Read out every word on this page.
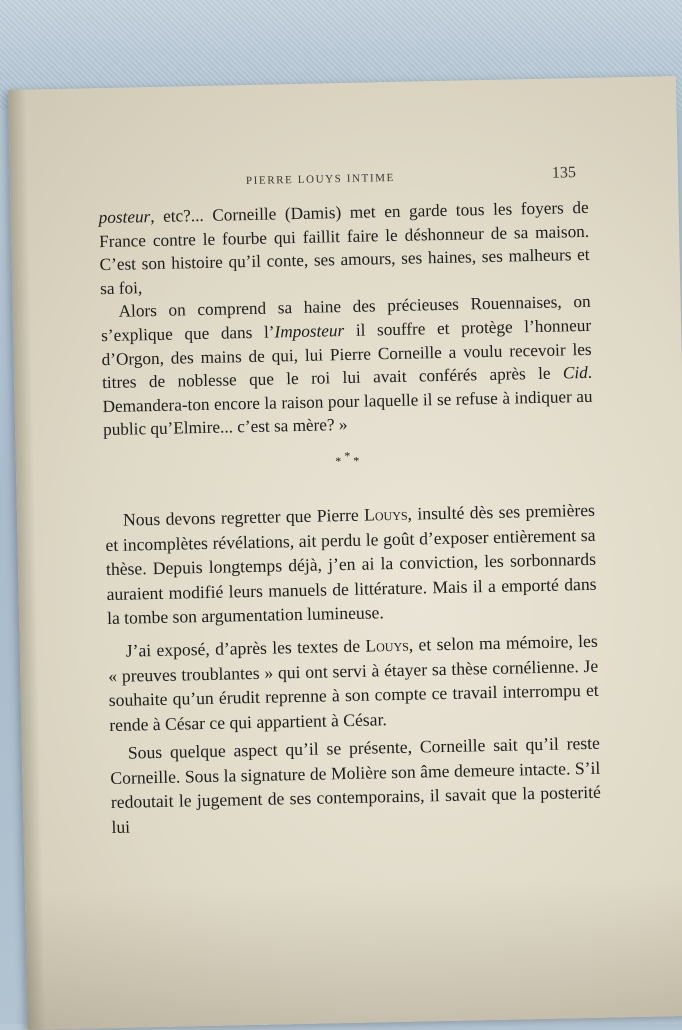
PIERRE LOUYS INTIME	135

posteur, etc?... Corneille (Damis) met en garde tous les foyers de France contre le fourbe qui faillit faire le déshonneur de sa maison. C’est son histoire qu’il conte, ses amours, ses haines, ses malheurs et sa foi,

Alors on comprend sa haine des précieuses Rouennaises, on s’explique que dans l’Imposteur il souffre et protège l’honneur d’Orgon, des mains de qui, lui Pierre Corneille a voulu recevoir les titres de noblesse que le roi lui avait conférés après le Cid. Demandera-ton encore la raison pour laquelle il se refuse à indiquer au public qu’Elmire... c’est sa mère? »

***

Nous devons regretter que Pierre Louys, insulté dès ses premières et incomplètes révélations, ait perdu le goût d’exposer entièrement sa thèse. Depuis longtemps déjà, j’en ai la conviction, les sorbonnards auraient modifié leurs manuels de littérature. Mais il a emporté dans la tombe son argumentation lumineuse.

J’ai exposé, d’après les textes de Louys, et selon ma mémoire, les « preuves troublantes » qui ont servi à étayer sa thèse cornélienne. Je souhaite qu’un érudit reprenne à son compte ce travail interrompu et rende à César ce qui appartient à César.

Sous quelque aspect qu’il se présente, Corneille sait qu’il reste Corneille. Sous la signature de Molière son âme demeure intacte. S’il redoutait le jugement de ses contemporains, il savait que la posterité lui
